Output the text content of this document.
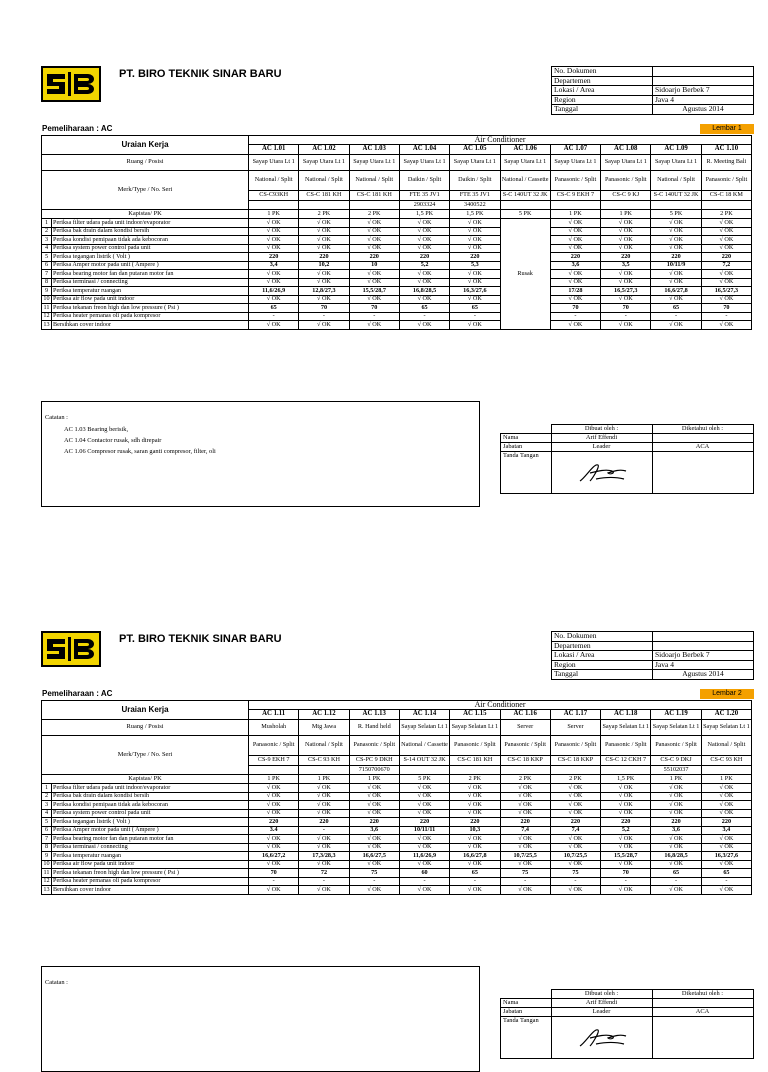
PT. BIRO TEKNIK SINAR BARU
Pemeliharaan : AC
No. Dokumen	
Departemen	
Lokasi / Area	Sidoarjo Berbek 7
Region	Java 4
Tanggal	Agustus 2014
Lembar 1
Uraian Kerja		Air Conditioner									
		AC 1.01	AC 1.02	AC 1.03	AC 1.04	AC 1.05	AC 1.06	AC 1.07	AC 1.08	AC 1.09	AC 1.10
Ruang / Posisi		Sayap Utara Lt 1	Sayap Utara Lt 1	Sayap Utara Lt 1	Sayap Utara Lt 1	Sayap Utara Lt 1	Sayap Utara Lt 1	Sayap Utara Lt 1	Sayap Utara Lt 1	Sayap Utara Lt 1	R. Meeting Bali
Merk/Type / No. Seri		National / Split	National / Split	National / Split	Daikin / Split	Daikin / Split	National / Cassette	Panasonic / Split	Panasonic / Split	National / Split	Panasonic / Split
		CS-C93KH	CS-C 181 KH	CS-C 181 KH	FTE 35 JV1	FTE 35 JV1	S-C 140UT 32 JK	CS-C 9 EKH 7	CS-C 9 KJ	S-C 140UT 32 JK	CS-C 18 KM
					2903324	3400522					
Kapistas/ PK		1 PK	2 PK	2 PK	1,5 PK	1,5 PK	5 PK	1 PK	1 PK	5 PK	2 PK
1	Periksa filter udara pada unit indoor/evaporator	√ OK	√ OK	√ OK	√ OK	√ OK	Rusak	√ OK	√ OK	√ OK	√ OK
2	Periksa bak drain dalam kondisi bersih	√ OK	√ OK	√ OK	√ OK	√ OK		√ OK	√ OK	√ OK	√ OK
3	Periksa kondisi pemipaan tidak ada kebocoran	√ OK	√ OK	√ OK	√ OK	√ OK		√ OK	√ OK	√ OK	√ OK
4	Periksa system power control pada unit	√ OK	√ OK	√ OK	√ OK	√ OK		√ OK	√ OK	√ OK	√ OK
5	Periksa tegangan listrik ( Volt )	220	220	220	220	220		220	220	220	220
6	Periksa Amper motor pada unit ( Ampere )	3,4	10,2	10	5,2	5,3		3,6	3,5	10/11/9	7,2
7	Periksa bearing motor fan dan putaran motor fan	√ OK	√ OK	√ OK	√ OK	√ OK		√ OK	√ OK	√ OK	√ OK
8	Periksa terminasi / connecting	√ OK	√ OK	√ OK	√ OK	√ OK		√ OK	√ OK	√ OK	√ OK
9	Periksa temperatur ruangan	11,6/26,9	12,8/27,3	15,5/28,7	16,8/28,5	16,3/27,6		17/28	16,5/27,3	16,6/27,8	16,5/27,3
10	Periksa air flow pada unit indoor	√ OK	√ OK	√ OK	√ OK	√ OK		√ OK	√ OK	√ OK	√ OK
11	Periksa tekanan freon high dan low pressure ( Psi )	65	70	70	65	65		70	70	65	70
12	Periksa heater pemanas oli pada kompresor	-	-	-	-	-		-	-	-	-
13	Bersihkan cover indoor	√ OK	√ OK	√ OK	√ OK	√ OK		√ OK	√ OK	√ OK	√ OK
Catatan :
AC 1.03 Bearing berisik,
AC 1.04 Contactor rusak, sdh direpair
AC 1.06 Compresor rusak, saran ganti compresor, filter, oli
	Dibuat oleh :	Diketahui oleh :
Nama	Arif Effendi	
Jabatan	Leader	ACA
Tanda Tangan		
PT. BIRO TEKNIK SINAR BARU
Pemeliharaan : AC
No. Dokumen	
Departemen	
Lokasi / Area	Sidoarjo Berbek 7
Region	Java 4
Tanggal	Agustus 2014
Lembar 2
Uraian Kerja		Air Conditioner									
		AC 1.11	AC 1.12	AC 1.13	AC 1.14	AC 1.15	AC 1.16	AC 1.17	AC 1.18	AC 1.19	AC 1.20
Ruang / Posisi		Musholah	Mtg Jawa	R. Hand held	Sayap Selatan Lt 1	Sayap Selatan Lt 1	Server	Server	Sayap Selatan Lt 1	Sayap Selatan Lt 1	Sayap Selatan Lt 1
Merk/Type / No. Seri		Panasonic / Split	National / Split	Panasonic / Split	National / Cassette	Panasonic / Split	Panasonic / Split	Panasonic / Split	Panasonic / Split	Panasonic / Split	National / Split
		CS-9 EKH 7	CS-C 93 KH	CS-PC 9 DKH	S-14 OUT 32 JK	CS-C 181 KH	CS-C 18 KKP	CS-C 18 KKP	CS-C 12 CKH 7	CS-C 9 DKJ	CS-C 93 KH
				7150700670						55102037	
Kapistas/ PK		1 PK	1 PK	1 PK	5 PK	2 PK	2 PK	2 PK	1,5 PK	1 PK	1 PK
1	Periksa filter udara pada unit indoor/evaporator	√ OK	√ OK	√ OK	√ OK	√ OK	√ OK	√ OK	√ OK	√ OK	√ OK
2	Periksa bak drain dalam kondisi bersih	√ OK	√ OK	√ OK	√ OK	√ OK	√ OK	√ OK	√ OK	√ OK	√ OK
3	Periksa kondisi pemipaan tidak ada kebocoran	√ OK	√ OK	√ OK	√ OK	√ OK	√ OK	√ OK	√ OK	√ OK	√ OK
4	Periksa system power control pada unit	√ OK	√ OK	√ OK	√ OK	√ OK	√ OK	√ OK	√ OK	√ OK	√ OK
5	Periksa tegangan listrik ( Volt )	220	220	220	220	220	220	220	220	220	220
6	Periksa Amper motor pada unit ( Ampere )	3.4	-	3,6	10/11/11	10,3	7,4	7,4	5,2	3,6	3,4
7	Periksa bearing motor fan dan putaran motor fan	√ OK	√ OK	√ OK	√ OK	√ OK	√ OK	√ OK	√ OK	√ OK	√ OK
8	Periksa terminasi / connecting	√ OK	√ OK	√ OK	√ OK	√ OK	√ OK	√ OK	√ OK	√ OK	√ OK
9	Periksa temperatur ruangan	16,6/27,2	17,3/28,3	16,6/27,5	11,6/26,9	16,6/27,8	10,7/25,5	10,7/25,5	15,5/28,7	16,8/28,5	16,3/27,6
10	Periksa air flow pada unit indoor	√ OK	√ OK	√ OK	√ OK	√ OK	√ OK	√ OK	√ OK	√ OK	√ OK
11	Periksa tekanan freon high dan low pressure ( Psi )	70	72	75	60	65	75	75	70	65	65
12	Periksa heater pemanas oli pada kompresor	-	-	-	-	-	-	-	-	-	-
13	Bersihkan cover indoor	√ OK	√ OK	√ OK	√ OK	√ OK	√ OK	√ OK	√ OK	√ OK	√ OK
Catatan :
	Dibuat oleh :	Diketahui oleh :
Nama	Arif Effendi	
Jabatan	Leader	ACA
Tanda Tangan		
